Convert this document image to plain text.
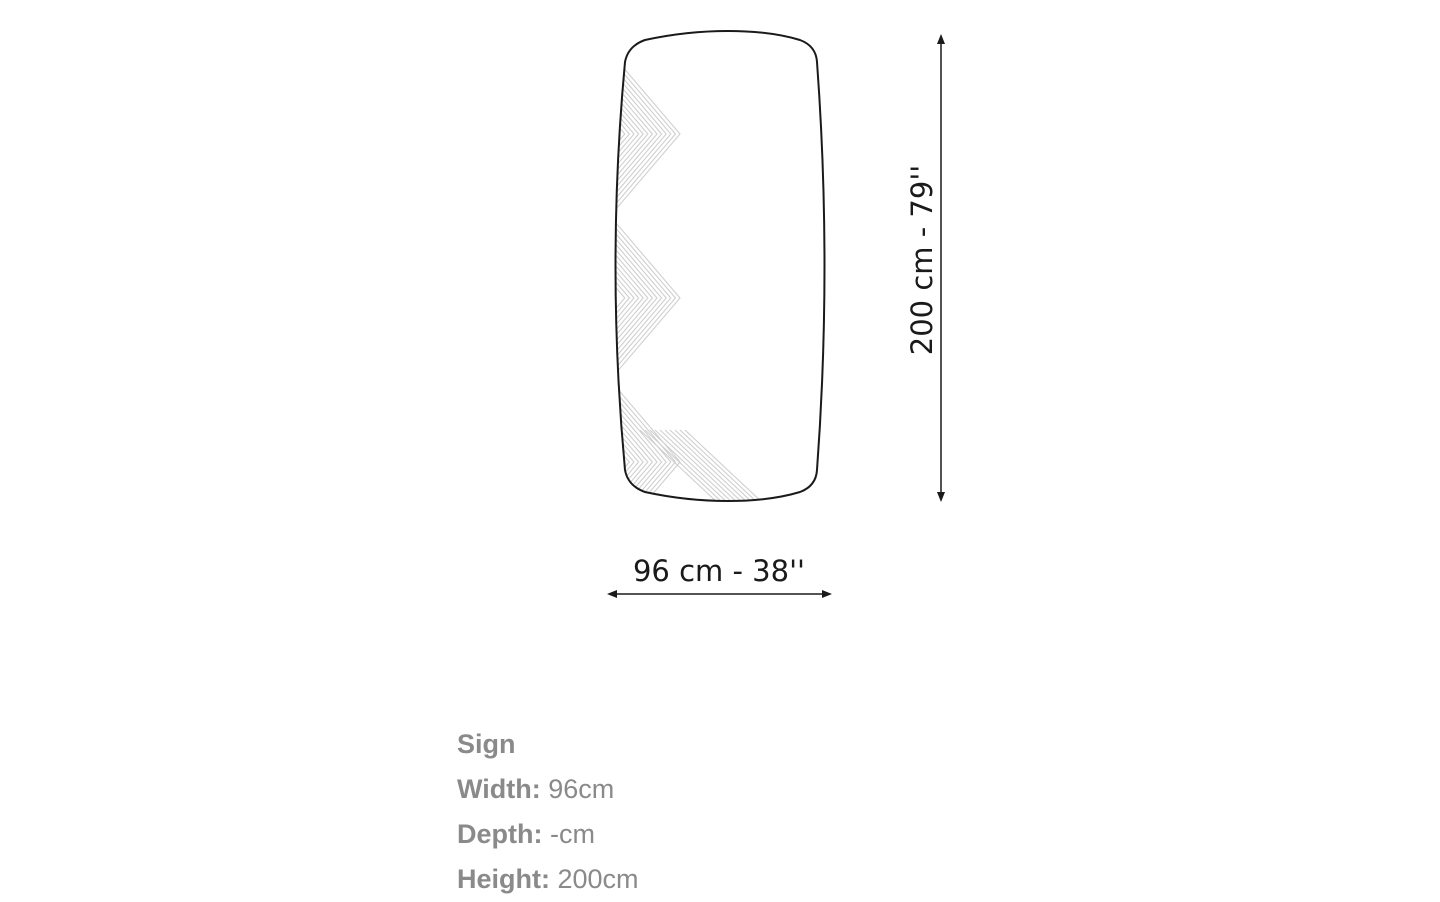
200 cm - 79''
96 cm - 38''
Sign
Width: 96cm
Depth: -cm
Height: 200cm
